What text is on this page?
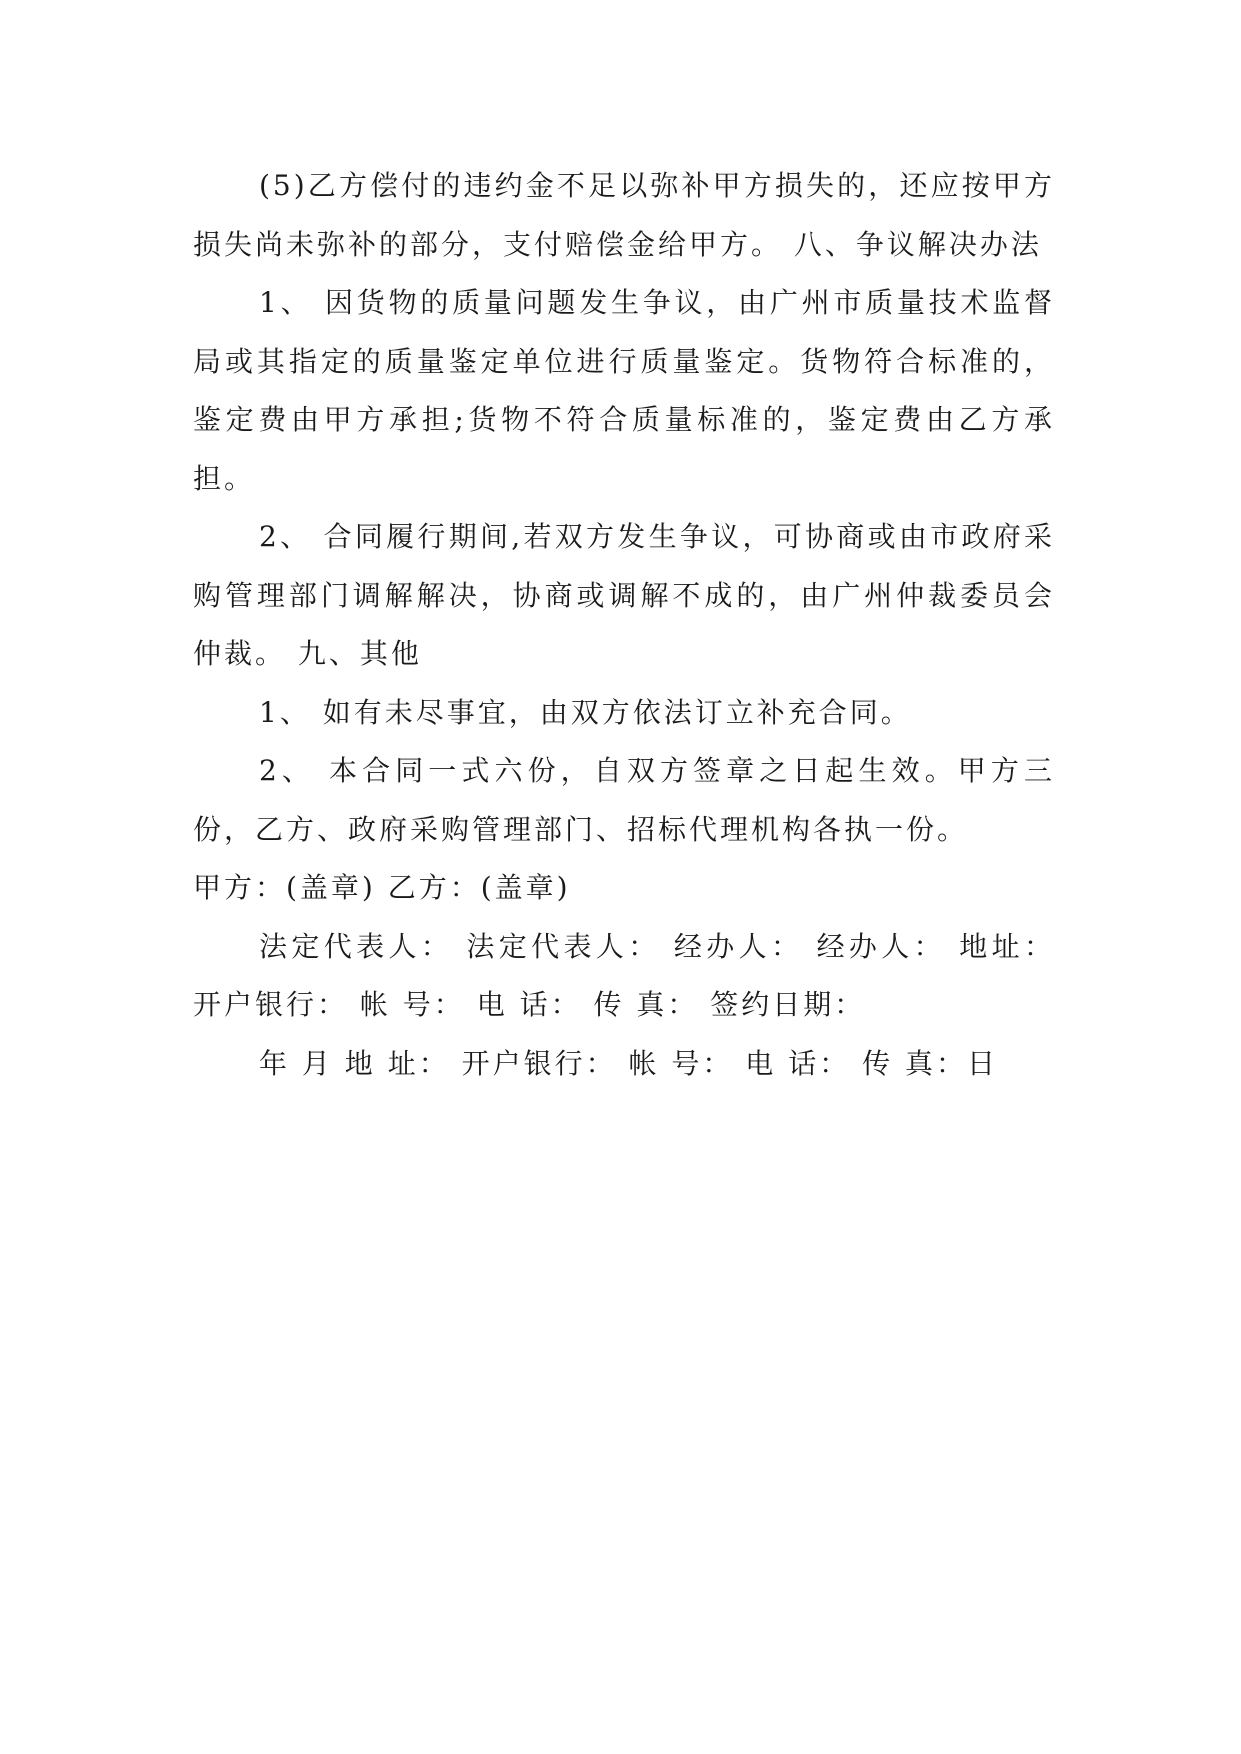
(5)乙方偿付的违约金不足以弥补甲方损失的，还应按甲方损失尚未弥补的部分，支付赔偿金给甲方。 八、争议解决办法

1、 因货物的质量问题发生争议，由广州市质量技术监督局或其指定的质量鉴定单位进行质量鉴定。货物符合标准的，鉴定费由甲方承担;货物不符合质量标准的，鉴定费由乙方承担。

2、 合同履行期间,若双方发生争议，可协商或由市政府采购管理部门调解解决，协商或调解不成的，由广州仲裁委员会仲裁。 九、其他

1、 如有未尽事宜，由双方依法订立补充合同。

2、 本合同一式六份，自双方签章之日起生效。甲方三份，乙方、政府采购管理部门、招标代理机构各执一份。

甲方：(盖章) 乙方：(盖章)

法定代表人： 法定代表人： 经办人： 经办人： 地址： 开户银行： 帐 号： 电 话： 传 真： 签约日期：

年 月 地 址： 开户银行： 帐 号： 电 话： 传 真：日
